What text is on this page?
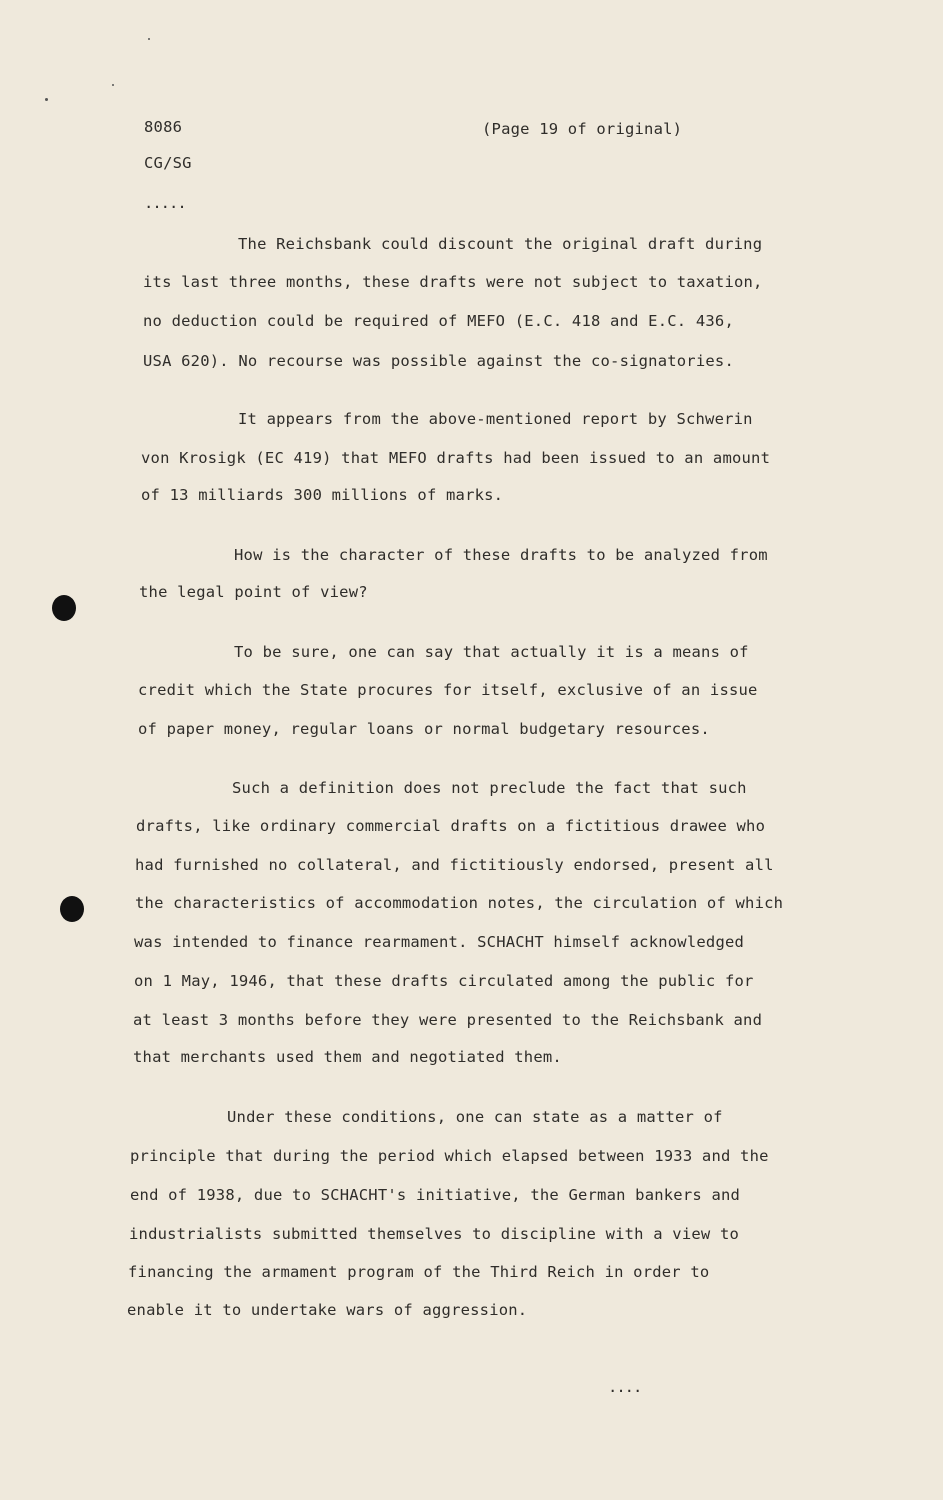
8086	(Page 19 of original)
CG/SG
.....
The Reichsbank could discount the original draft during
its last three months, these drafts were not subject to taxation,
no deduction could be required of MEFO (E.C. 418 and E.C. 436,
USA 620). No recourse was possible against the co-signatories.
It appears from the above-mentioned report by Schwerin
von Krosigk (EC 419) that MEFO drafts had been issued to an amount
of 13 milliards 300 millions of marks.
How is the character of these drafts to be analyzed from
the legal point of view?
To be sure, one can say that actually it is a means of
credit which the State procures for itself, exclusive of an issue
of paper money, regular loans or normal budgetary resources.
Such a definition does not preclude the fact that such
drafts, like ordinary commercial drafts on a fictitious drawee who
had furnished no collateral, and fictitiously endorsed, present all
the characteristics of accommodation notes, the circulation of which
was intended to finance rearmament. SCHACHT himself acknowledged
on 1 May, 1946, that these drafts circulated among the public for
at least 3 months before they were presented to the Reichsbank and
that merchants used them and negotiated them.
Under these conditions, one can state as a matter of
principle that during the period which elapsed between 1933 and the
end of 1938, due to SCHACHT's initiative, the German bankers and
industrialists submitted themselves to discipline with a view to
financing the armament program of the Third Reich in order to
enable it to undertake wars of aggression.
....
